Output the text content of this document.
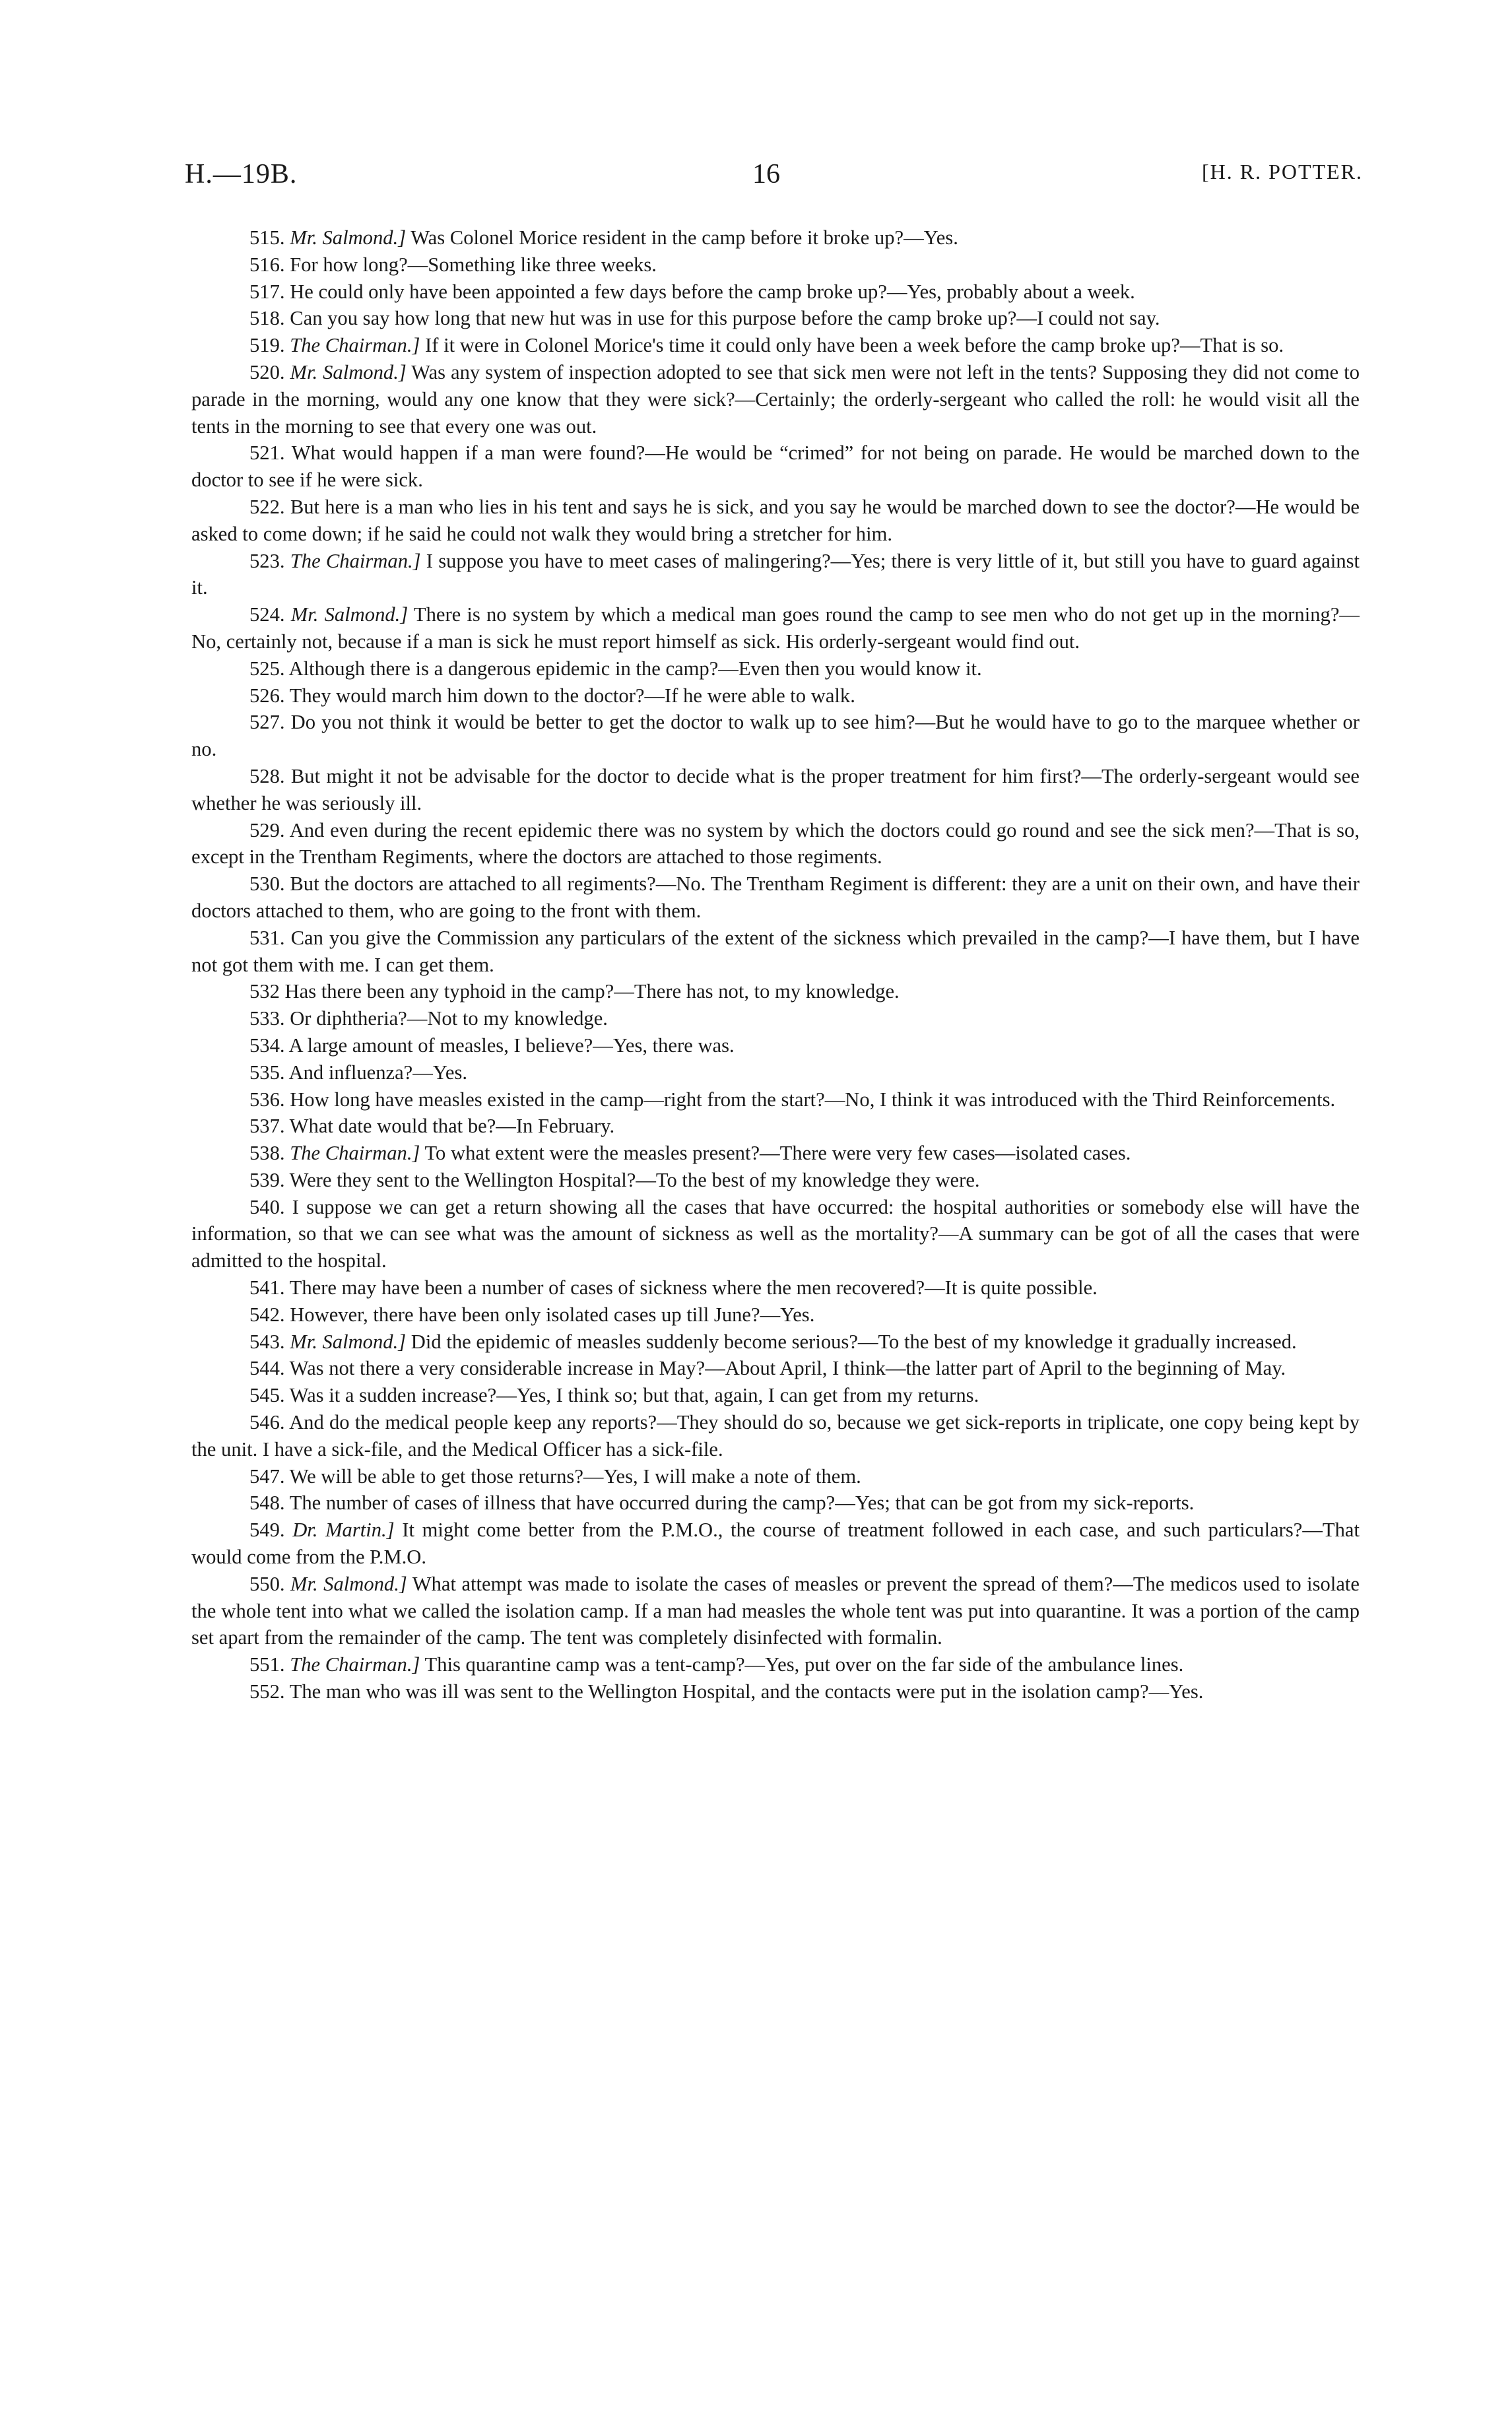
H.—19B.	16	[H. R. POTTER.

515. Mr. Salmond.] Was Colonel Morice resident in the camp before it broke up?—Yes.

516. For how long?—Something like three weeks.

517. He could only have been appointed a few days before the camp broke up?—Yes, probably about a week.

518. Can you say how long that new hut was in use for this purpose before the camp broke up?—I could not say.

519. The Chairman.] If it were in Colonel Morice's time it could only have been a week before the camp broke up?—That is so.

520. Mr. Salmond.] Was any system of inspection adopted to see that sick men were not left in the tents? Supposing they did not come to parade in the morning, would any one know that they were sick?—Certainly; the orderly-sergeant who called the roll: he would visit all the tents in the morning to see that every one was out.

521. What would happen if a man were found?—He would be “crimed” for not being on parade. He would be marched down to the doctor to see if he were sick.

522. But here is a man who lies in his tent and says he is sick, and you say he would be marched down to see the doctor?—He would be asked to come down; if he said he could not walk they would bring a stretcher for him.

523. The Chairman.] I suppose you have to meet cases of malingering?—Yes; there is very little of it, but still you have to guard against it.

524. Mr. Salmond.] There is no system by which a medical man goes round the camp to see men who do not get up in the morning?—No, certainly not, because if a man is sick he must report himself as sick. His orderly-sergeant would find out.

525. Although there is a dangerous epidemic in the camp?—Even then you would know it.

526. They would march him down to the doctor?—If he were able to walk.

527. Do you not think it would be better to get the doctor to walk up to see him?—But he would have to go to the marquee whether or no.

528. But might it not be advisable for the doctor to decide what is the proper treatment for him first?—The orderly-sergeant would see whether he was seriously ill.

529. And even during the recent epidemic there was no system by which the doctors could go round and see the sick men?—That is so, except in the Trentham Regiments, where the doctors are attached to those regiments.

530. But the doctors are attached to all regiments?—No. The Trentham Regiment is different: they are a unit on their own, and have their doctors attached to them, who are going to the front with them.

531. Can you give the Commission any particulars of the extent of the sickness which prevailed in the camp?—I have them, but I have not got them with me. I can get them.

532 Has there been any typhoid in the camp?—There has not, to my knowledge.

533. Or diphtheria?—Not to my knowledge.

534. A large amount of measles, I believe?—Yes, there was.

535. And influenza?—Yes.

536. How long have measles existed in the camp—right from the start?—No, I think it was introduced with the Third Reinforcements.

537. What date would that be?—In February.

538. The Chairman.] To what extent were the measles present?—There were very few cases—isolated cases.

539. Were they sent to the Wellington Hospital?—To the best of my knowledge they were.

540. I suppose we can get a return showing all the cases that have occurred: the hospital authorities or somebody else will have the information, so that we can see what was the amount of sickness as well as the mortality?—A summary can be got of all the cases that were admitted to the hospital.

541. There may have been a number of cases of sickness where the men recovered?—It is quite possible.

542. However, there have been only isolated cases up till June?—Yes.

543. Mr. Salmond.] Did the epidemic of measles suddenly become serious?—To the best of my knowledge it gradually increased.

544. Was not there a very considerable increase in May?—About April, I think—the latter part of April to the beginning of May.

545. Was it a sudden increase?—Yes, I think so; but that, again, I can get from my returns.

546. And do the medical people keep any reports?—They should do so, because we get sick-reports in triplicate, one copy being kept by the unit. I have a sick-file, and the Medical Officer has a sick-file.

547. We will be able to get those returns?—Yes, I will make a note of them.

548. The number of cases of illness that have occurred during the camp?—Yes; that can be got from my sick-reports.

549. Dr. Martin.] It might come better from the P.M.O., the course of treatment followed in each case, and such particulars?—That would come from the P.M.O.

550. Mr. Salmond.] What attempt was made to isolate the cases of measles or prevent the spread of them?—The medicos used to isolate the whole tent into what we called the isolation camp. If a man had measles the whole tent was put into quarantine. It was a portion of the camp set apart from the remainder of the camp. The tent was completely disinfected with formalin.

551. The Chairman.] This quarantine camp was a tent-camp?—Yes, put over on the far side of the ambulance lines.

552. The man who was ill was sent to the Wellington Hospital, and the contacts were put in the isolation camp?—Yes.
